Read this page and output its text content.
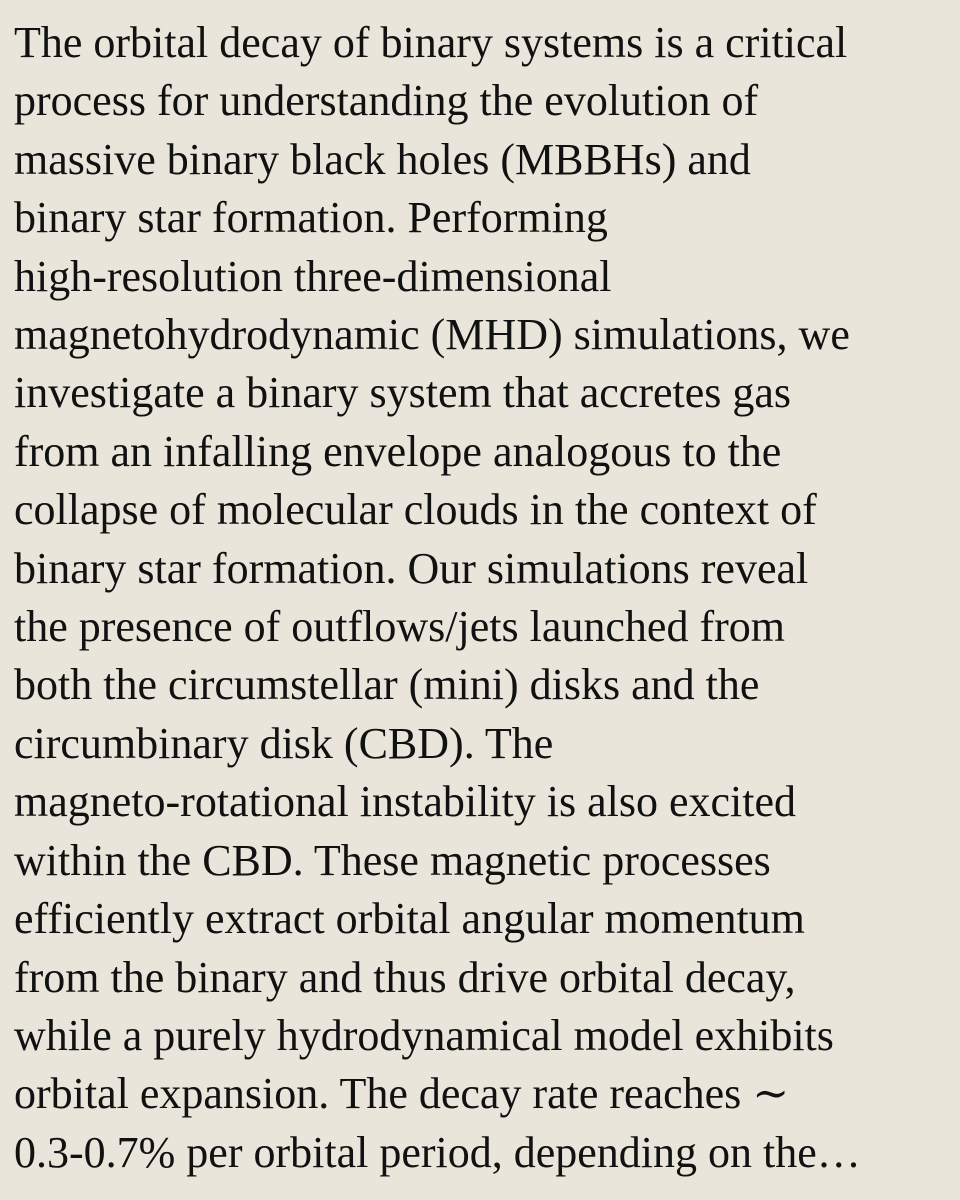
The orbital decay of binary systems is a critical
process for understanding the evolution of
massive binary black holes (MBBHs) and
binary star formation. Performing
high-resolution three-dimensional
magnetohydrodynamic (MHD) simulations, we
investigate a binary system that accretes gas
from an infalling envelope analogous to the
collapse of molecular clouds in the context of
binary star formation. Our simulations reveal
the presence of outflows/jets launched from
both the circumstellar (mini) disks and the
circumbinary disk (CBD). The
magneto-rotational instability is also excited
within the CBD. These magnetic processes
efficiently extract orbital angular momentum
from the binary and thus drive orbital decay,
while a purely hydrodynamical model exhibits
orbital expansion. The decay rate reaches ∼
0.3-0.7% per orbital period, depending on the…
